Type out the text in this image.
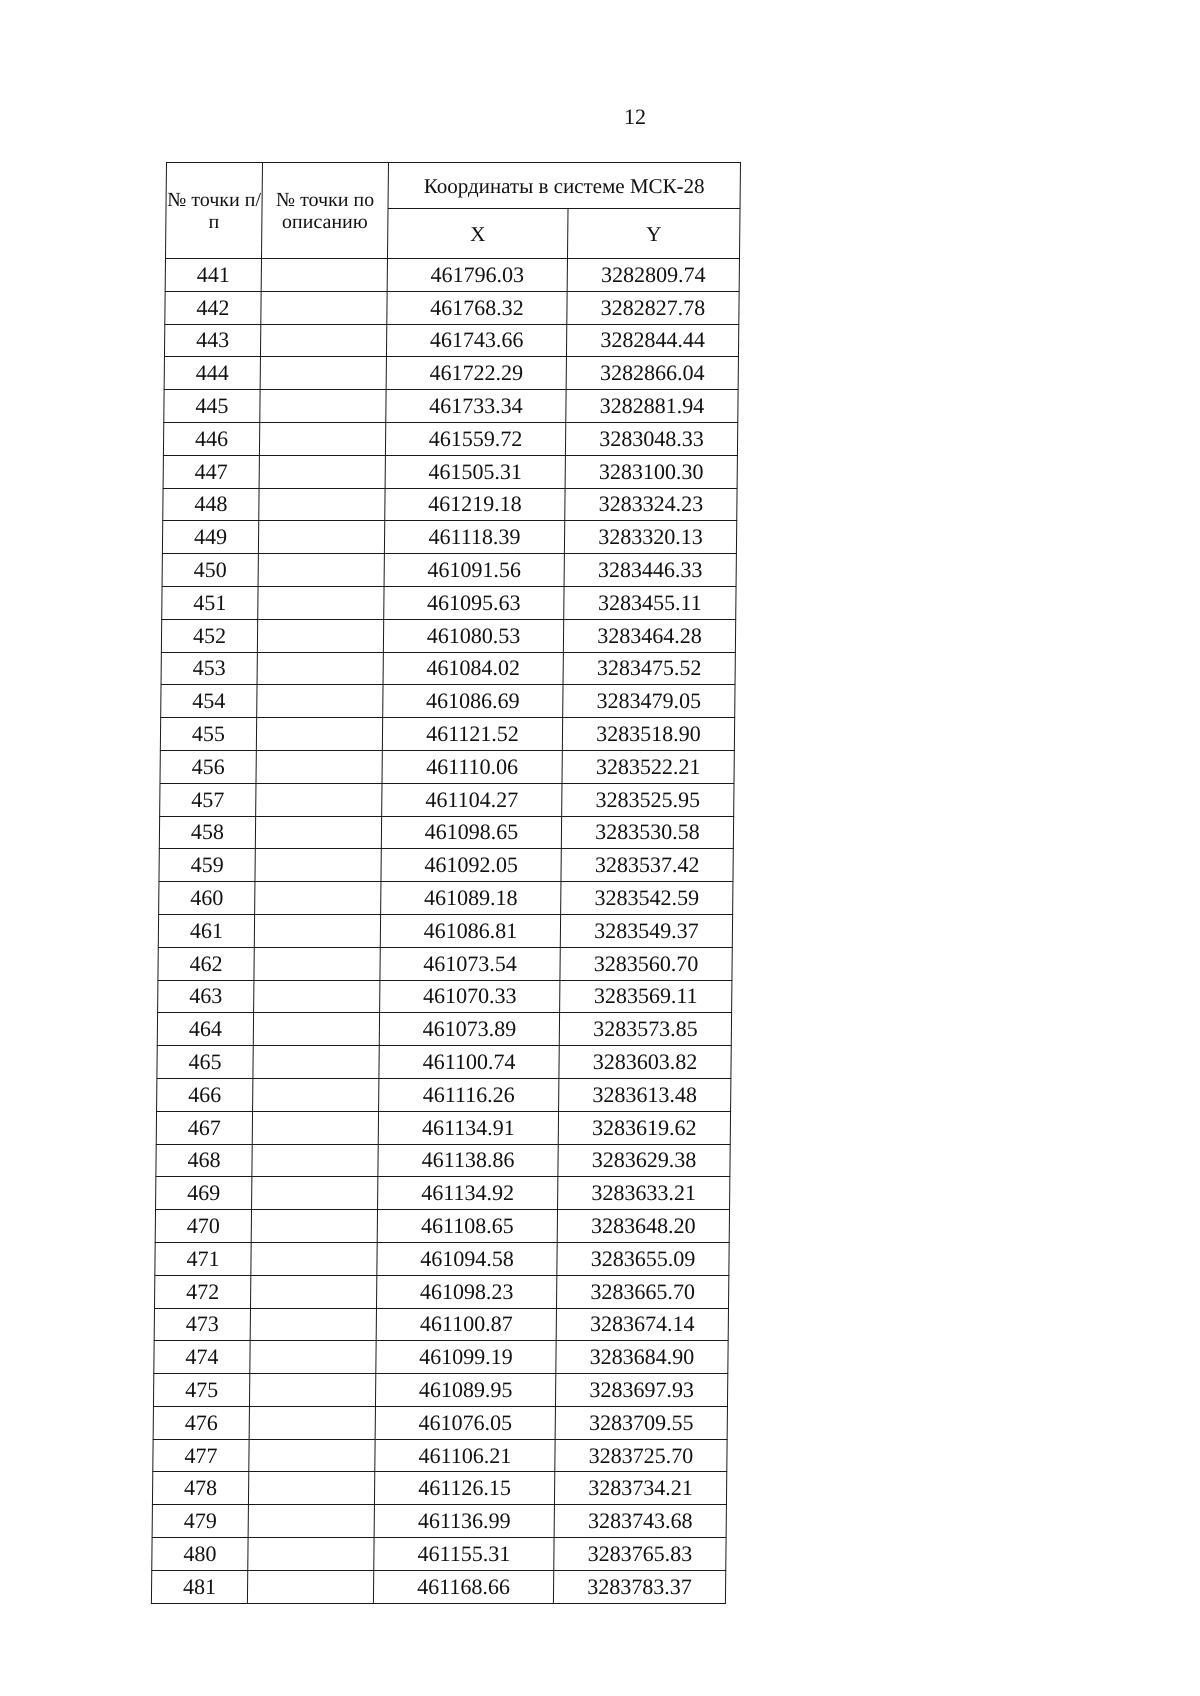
12
№ точки п/п	№ точки по описанию	Координаты в системе МСК-28	
		X	Y
441		461796.03	3282809.74
442		461768.32	3282827.78
443		461743.66	3282844.44
444		461722.29	3282866.04
445		461733.34	3282881.94
446		461559.72	3283048.33
447		461505.31	3283100.30
448		461219.18	3283324.23
449		461118.39	3283320.13
450		461091.56	3283446.33
451		461095.63	3283455.11
452		461080.53	3283464.28
453		461084.02	3283475.52
454		461086.69	3283479.05
455		461121.52	3283518.90
456		461110.06	3283522.21
457		461104.27	3283525.95
458		461098.65	3283530.58
459		461092.05	3283537.42
460		461089.18	3283542.59
461		461086.81	3283549.37
462		461073.54	3283560.70
463		461070.33	3283569.11
464		461073.89	3283573.85
465		461100.74	3283603.82
466		461116.26	3283613.48
467		461134.91	3283619.62
468		461138.86	3283629.38
469		461134.92	3283633.21
470		461108.65	3283648.20
471		461094.58	3283655.09
472		461098.23	3283665.70
473		461100.87	3283674.14
474		461099.19	3283684.90
475		461089.95	3283697.93
476		461076.05	3283709.55
477		461106.21	3283725.70
478		461126.15	3283734.21
479		461136.99	3283743.68
480		461155.31	3283765.83
481		461168.66	3283783.37
